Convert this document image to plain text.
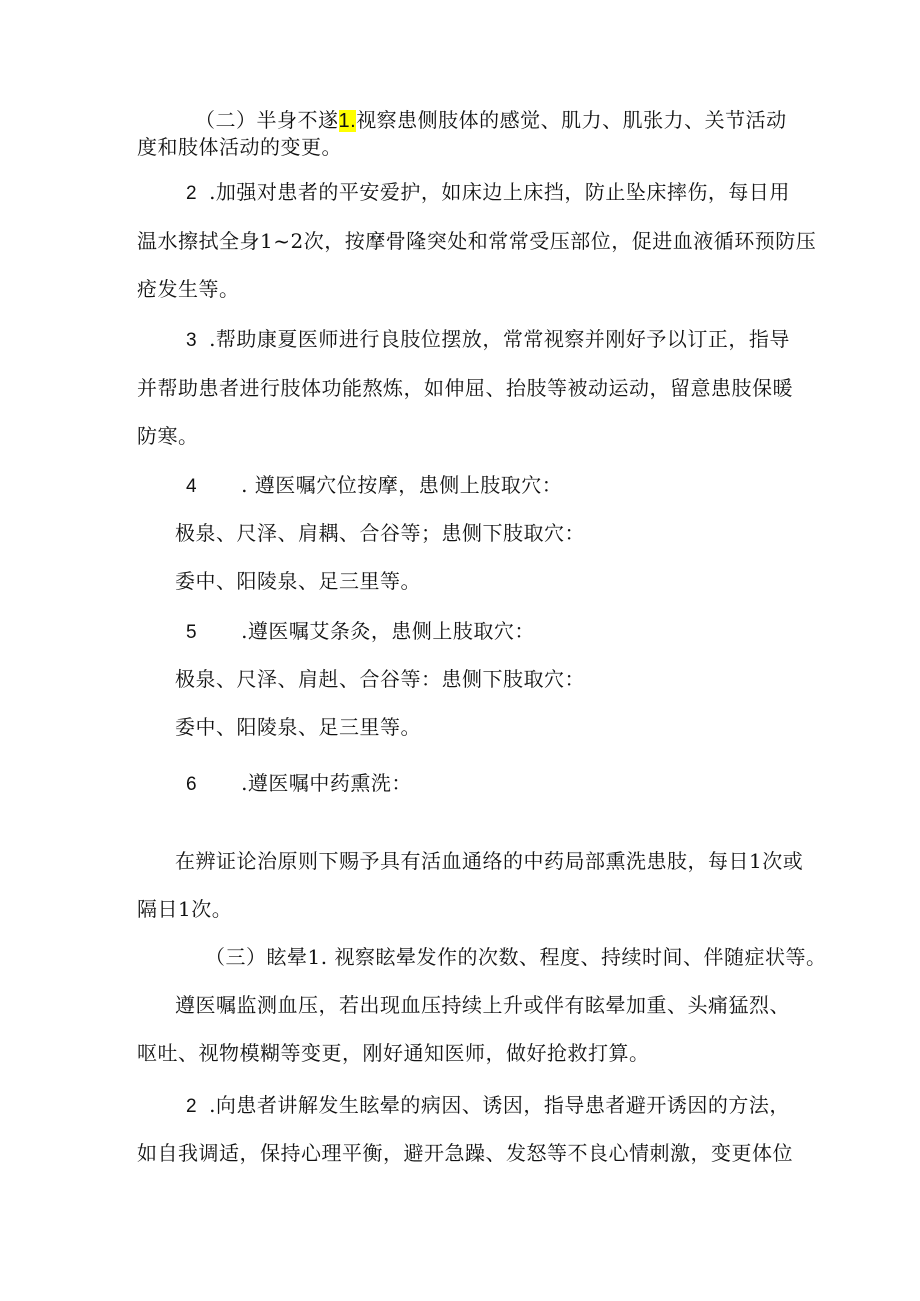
（二）半身不遂1.视察患侧肢体的感觉、肌力、肌张力、关节活动
度和肢体活动的变更。
2 .加强对患者的平安爱护，如床边上床挡，防止坠床摔伤，每日用
温水擦拭全身1~2次，按摩骨隆突处和常常受压部位，促进血液循环预防压
疮发生等。
3 .帮助康夏医师进行良肢位摆放，常常视察并刚好予以订正，指导
并帮助患者进行肢体功能熬炼，如伸屈、抬肢等被动运动，留意患肢保暖
防寒。
4 . 遵医嘱穴位按摩，患侧上肢取穴：
极泉、尺泽、肩耦、合谷等；患侧下肢取穴：
委中、阳陵泉、足三里等。
5 .遵医嘱艾条灸，患侧上肢取穴：
极泉、尺泽、肩赳、合谷等：患侧下肢取穴：
委中、阳陵泉、足三里等。
6 .遵医嘱中药熏洗：
在辨证论治原则下赐予具有活血通络的中药局部熏洗患肢，每日1次或
隔日1次。
（三）眩晕1. 视察眩晕发作的次数、程度、持续时间、伴随症状等。
遵医嘱监测血压，若出现血压持续上升或伴有眩晕加重、头痛猛烈、
呕吐、视物模糊等变更，刚好通知医师，做好抢救打算。
2 .向患者讲解发生眩晕的病因、诱因，指导患者避开诱因的方法，
如自我调适，保持心理平衡，避开急躁、发怒等不良心情刺激，变更体位
